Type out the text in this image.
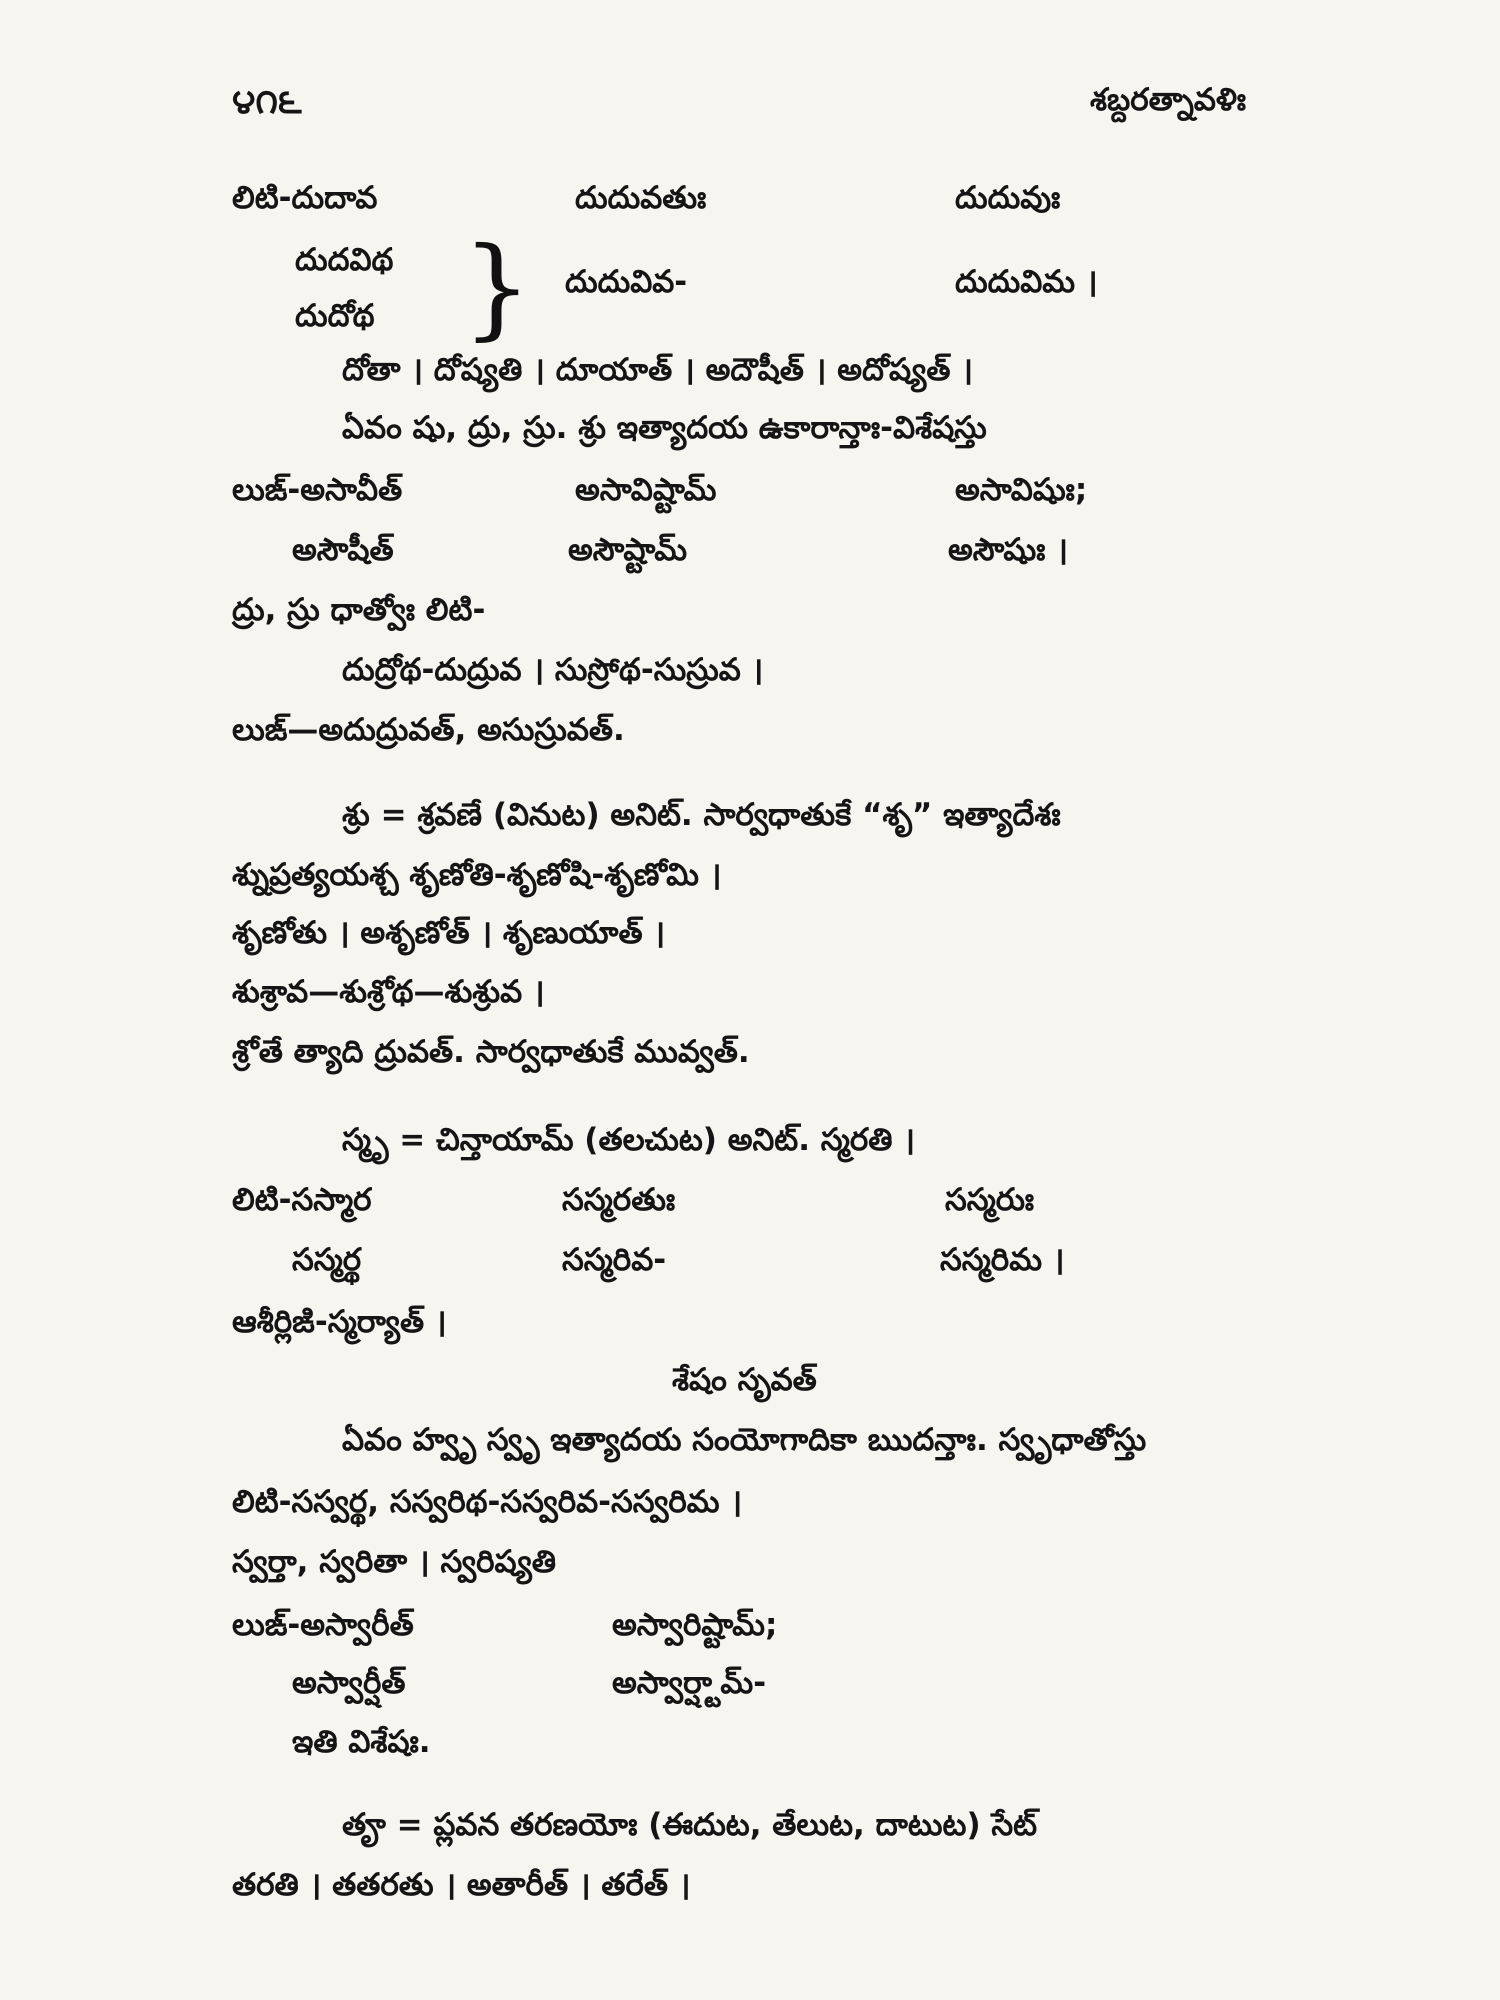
౪౧౬	శబ్దరత్నావళిః
లిటి-దుదావ	దుదువతుః	దుదువుః
దుదవిథ } దుదువివ-	దుదువిమ ।
దుదోథ
దోతా । దోష్యతి । దూయాత్ । అదౌషీత్ । అదోష్యత్ ।
ఏవం షు, ద్రు, స్రు. శ్రు ఇత్యాదయ ఉకారాన్తాః-విశేషస్తు
లుఙ్-అసావీత్	అసావిష్టామ్	అసావిషుః;
అసౌషీత్	అసౌష్టామ్	అసౌషుః ।
ద్రు, స్రు ధాత్వోః లిటి-
దుద్రోథ-దుద్రువ । సుస్రోథ-సుస్రువ ।
లుఙ్—అదుద్రువత్, అసుస్రువత్.
శ్రు = శ్రవణే (వినుట) అనిట్. సార్వధాతుకే “శృ” ఇత్యాదేశః
శ్నుప్రత్యయశ్చ శృణోతి-శృణోషి-శృణోమి ।
శృణోతు । అశృణోత్ । శృణుయాత్ ।
శుశ్రావ—శుశ్రోథ—శుశ్రువ ।
శ్రోతే త్యాది ద్రువత్. సార్వధాతుకే మువ్వత్.
స్మృ = చిన్తాయామ్ (తలచుట) అనిట్. స్మరతి ।
లిటి-సస్మార	సస్మరతుః	సస్మరుః
సస్మర్థ	సస్మరివ-	సస్మరిమ ।
ఆశీర్లిఙి-స్మర్యాత్ ।
శేషం సృవత్
ఏవం హ్వృ స్వృ ఇత్యాదయ సంయోగాదికా ఋదన్తాః. స్వృధాతోస్తు
లిటి-సస్వర్థ, సస్వరిథ-సస్వరివ-సస్వరిమ ।
స్వర్తా, స్వరితా । స్వరిష్యతి
లుఙ్-అస్వారీత్	అస్వారిష్టామ్;
అస్వార్షీత్	అస్వార్ష్టామ్-
ఇతి విశేషః.
తౄ = ప్లవన తరణయోః (ఈదుట, తేలుట, దాటుట) సేట్
తరతి । తతరతు । అతారీత్ । తరేత్ ।
